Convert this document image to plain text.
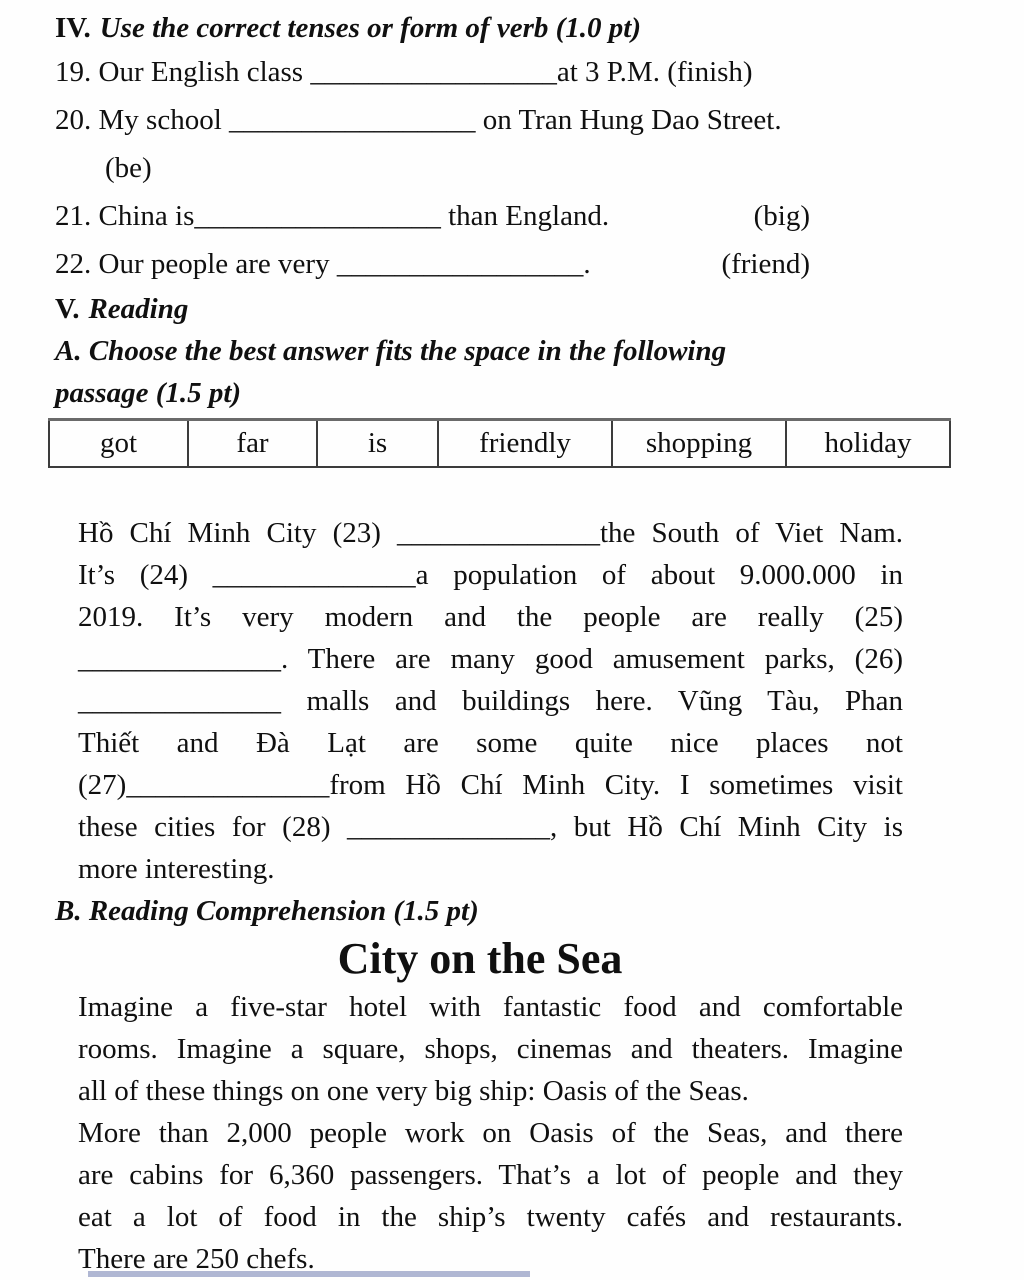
IV. Use the correct tenses or form of verb (1.0 pt)
19. Our English class _________________at 3 P.M. (finish)
20. My school _________________ on Tran Hung Dao Street.
(be)
21. China is_________________ than England.	(big)
22. Our people are very _________________.	(friend)
V. Reading
A. Choose the best answer fits the space in the following
passage (1.5 pt)
got	far	is	friendly	shopping	holiday
Hồ Chí Minh City (23) ______________the South of Viet Nam.
It’s (24) ______________a population of about 9.000.000 in
2019. It’s very modern and the people are really (25)
______________. There are many good amusement parks, (26)
______________ malls and buildings here. Vũng Tàu, Phan
Thiết and Đà Lạt are some quite nice places not
(27)______________from Hồ Chí Minh City. I sometimes visit
these cities for (28) ______________, but Hồ Chí Minh City is
more interesting.
B. Reading Comprehension (1.5 pt)
City on the Sea
Imagine a five-star hotel with fantastic food and comfortable
rooms. Imagine a square, shops, cinemas and theaters. Imagine
all of these things on one very big ship: Oasis of the Seas.
More than 2,000 people work on Oasis of the Seas, and there
are cabins for 6,360 passengers. That’s a lot of people and they
eat a lot of food in the ship’s twenty cafés and restaurants.
There are 250 chefs.
